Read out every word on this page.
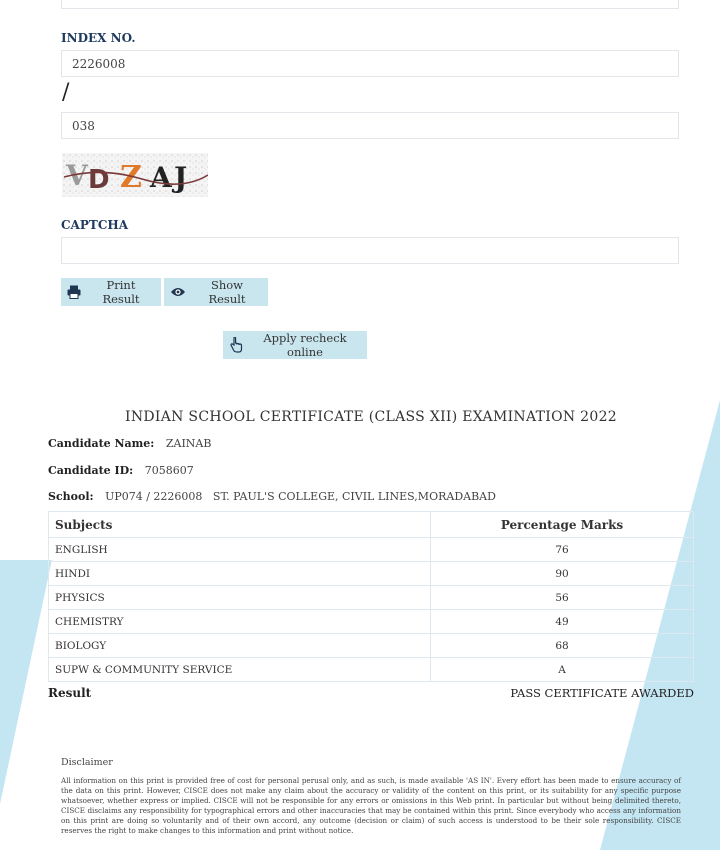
INDEX NO.
2226008
/
038
V D Z A J
CAPTCHA
Print Result
Show Result
Apply recheck online
INDIAN SCHOOL CERTIFICATE (CLASS XII) EXAMINATION 2022
Candidate Name: ZAINAB
Candidate ID: 7058607
School: UP074 / 2226008   ST. PAUL'S COLLEGE, CIVIL LINES,MORADABAD
Subjects	Percentage Marks
ENGLISH	76
HINDI	90
PHYSICS	56
CHEMISTRY	49
BIOLOGY	68
SUPW & COMMUNITY SERVICE	A
Result	PASS CERTIFICATE AWARDED
Disclaimer
All information on this print is provided free of cost for personal perusal only, and as such, is made available 'AS IN'. Every effort has been made to ensure accuracy of the data on this print. However, CISCE does not make any claim about the accuracy or validity of the content on this print, or its suitability for any specific purpose whatsoever, whether express or implied. CISCE will not be responsible for any errors or omissions in this Web print. In particular but without being delimited thereto, CISCE disclaims any responsibility for typographical errors and other inaccuracies that may be contained within this print. Since everybody who access any information on this print are doing so voluntarily and of their own accord, any outcome (decision or claim) of such access is understood to be their sole responsibility. CISCE reserves the right to make changes to this information and print without notice.
